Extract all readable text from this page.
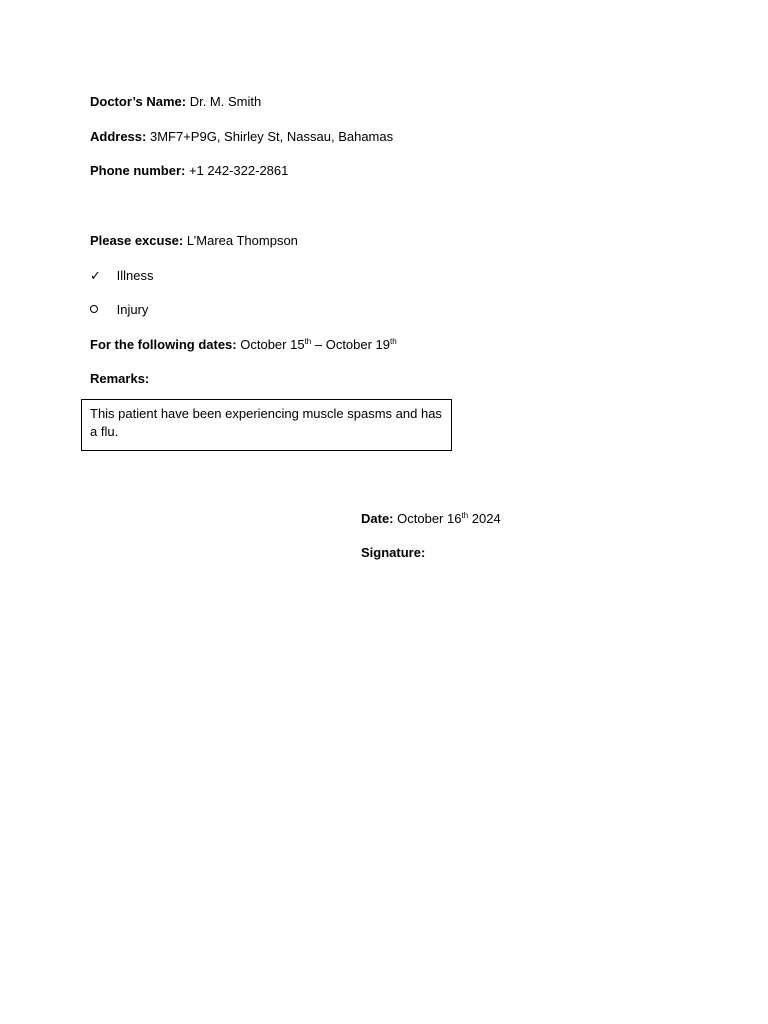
Doctor’s Name: Dr. M. Smith
Address: 3MF7+P9G, Shirley St, Nassau, Bahamas
Phone number: +1 242-322-2861
Please excuse: L’Marea Thompson
✓ Illness
Injury
For the following dates: October 15th – October 19th
Remarks:
This patient have been experiencing muscle spasms and has a flu.
Date: October 16th 2024
Signature:
